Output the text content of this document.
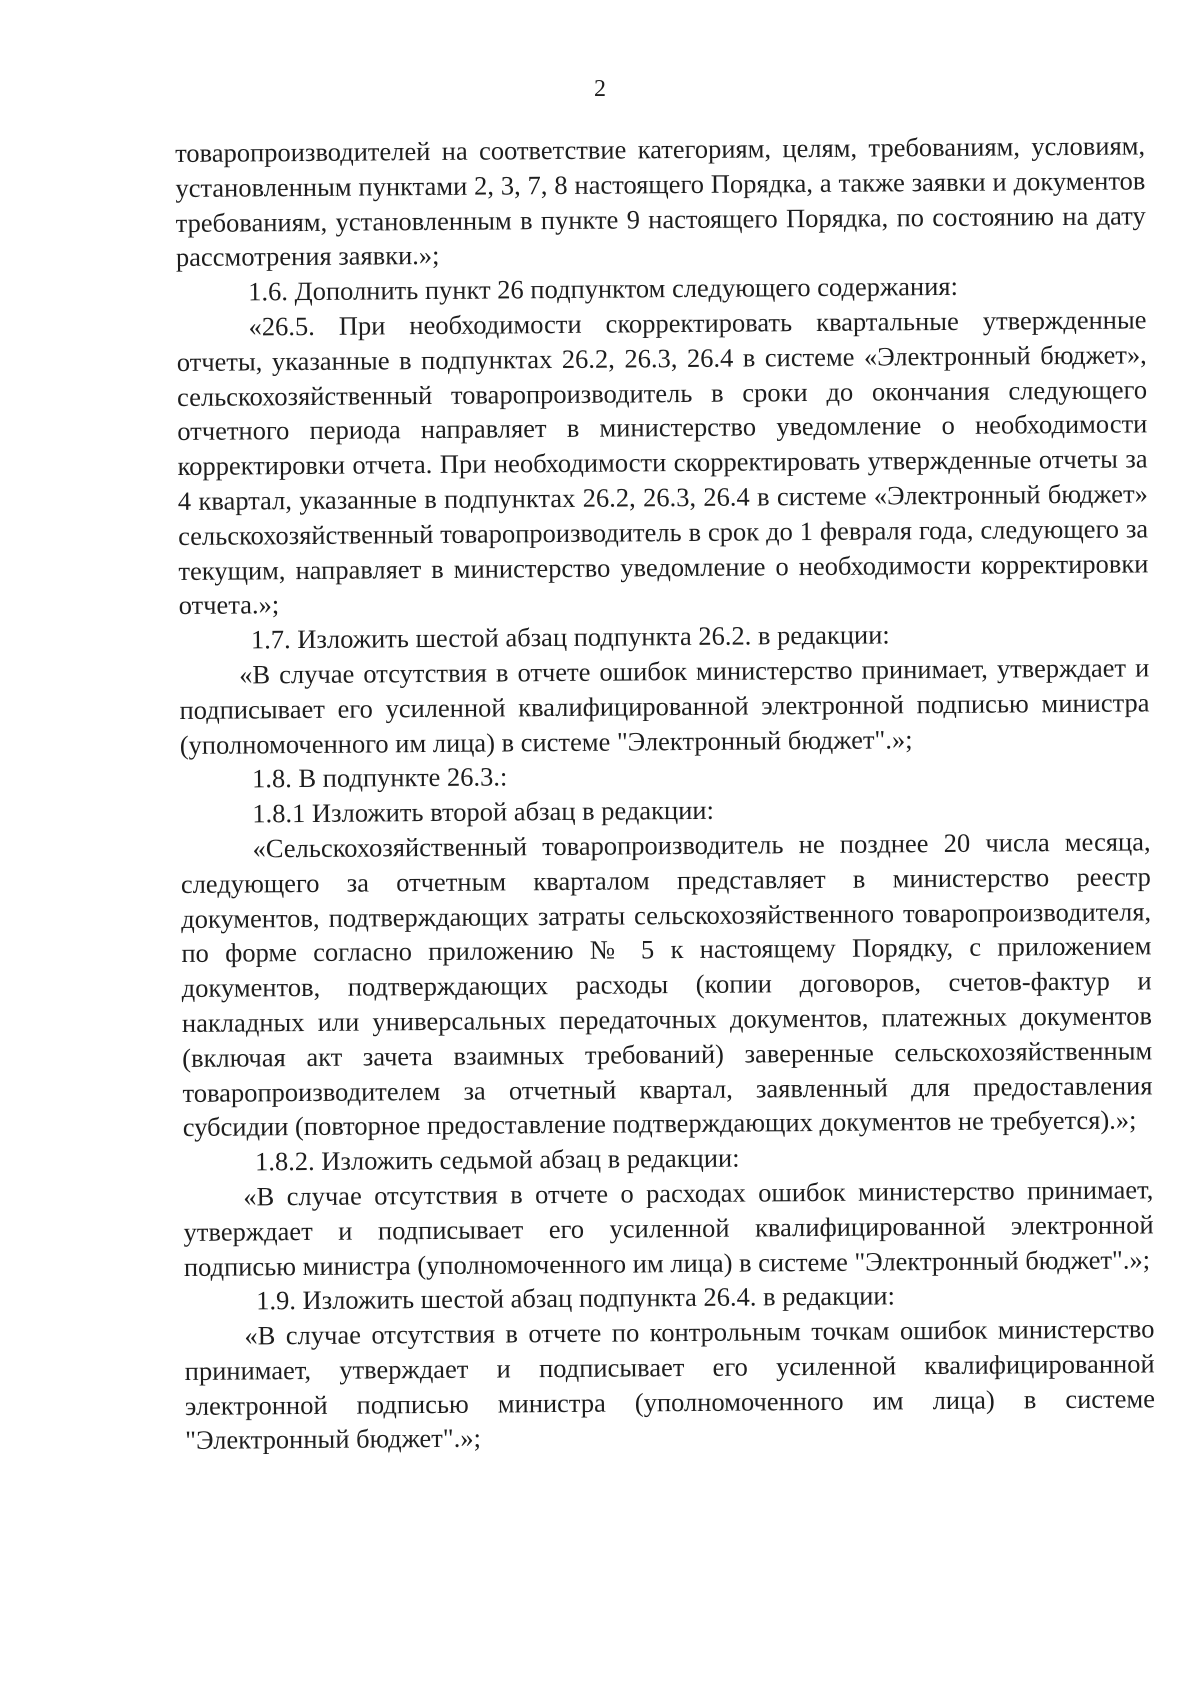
2

товаропроизводителей на соответствие категориям, целям, требованиям, условиям, установленным пунктами 2, 3, 7, 8 настоящего Порядка, а также заявки и документов требованиям, установленным в пункте 9 настоящего Порядка, по состоянию на дату рассмотрения заявки.»;

1.6. Дополнить пункт 26 подпунктом следующего содержания:

«26.5. При необходимости скорректировать квартальные утвержденные отчеты, указанные в подпунктах 26.2, 26.3, 26.4 в системе «Электронный бюджет», сельскохозяйственный товаропроизводитель в сроки до окончания следующего отчетного периода направляет в министерство уведомление о необходимости корректировки отчета. При необходимости скорректировать утвержденные отчеты за 4 квартал, указанные в подпунктах 26.2, 26.3, 26.4 в системе «Электронный бюджет» сельскохозяйственный товаропроизводитель в срок до 1 февраля года, следующего за текущим, направляет в министерство уведомление о необходимости корректировки отчета.»;

1.7. Изложить шестой абзац подпункта 26.2. в редакции:

«В случае отсутствия в отчете ошибок министерство принимает, утверждает и подписывает его усиленной квалифицированной электронной подписью министра (уполномоченного им лица) в системе "Электронный бюджет".»;

1.8. В подпункте 26.3.:

1.8.1 Изложить второй абзац в редакции:

«Сельскохозяйственный товаропроизводитель не позднее 20 числа месяца, следующего за отчетным кварталом представляет в министерство реестр документов, подтверждающих затраты сельскохозяйственного товаропроизводителя, по форме согласно приложению № 5 к настоящему Порядку, с приложением документов, подтверждающих расходы (копии договоров, счетов-фактур и накладных или универсальных передаточных документов, платежных документов (включая акт зачета взаимных требований) заверенные сельскохозяйственным товаропроизводителем за отчетный квартал, заявленный для предоставления субсидии (повторное предоставление подтверждающих документов не требуется).»;

1.8.2. Изложить седьмой абзац в редакции:

«В случае отсутствия в отчете о расходах ошибок министерство принимает, утверждает и подписывает его усиленной квалифицированной электронной подписью министра (уполномоченного им лица) в системе "Электронный бюджет".»;

1.9. Изложить шестой абзац подпункта 26.4. в редакции:

«В случае отсутствия в отчете по контрольным точкам ошибок министерство принимает, утверждает и подписывает его усиленной квалифицированной электронной подписью министра (уполномоченного им лица) в системе "Электронный бюджет".»;
